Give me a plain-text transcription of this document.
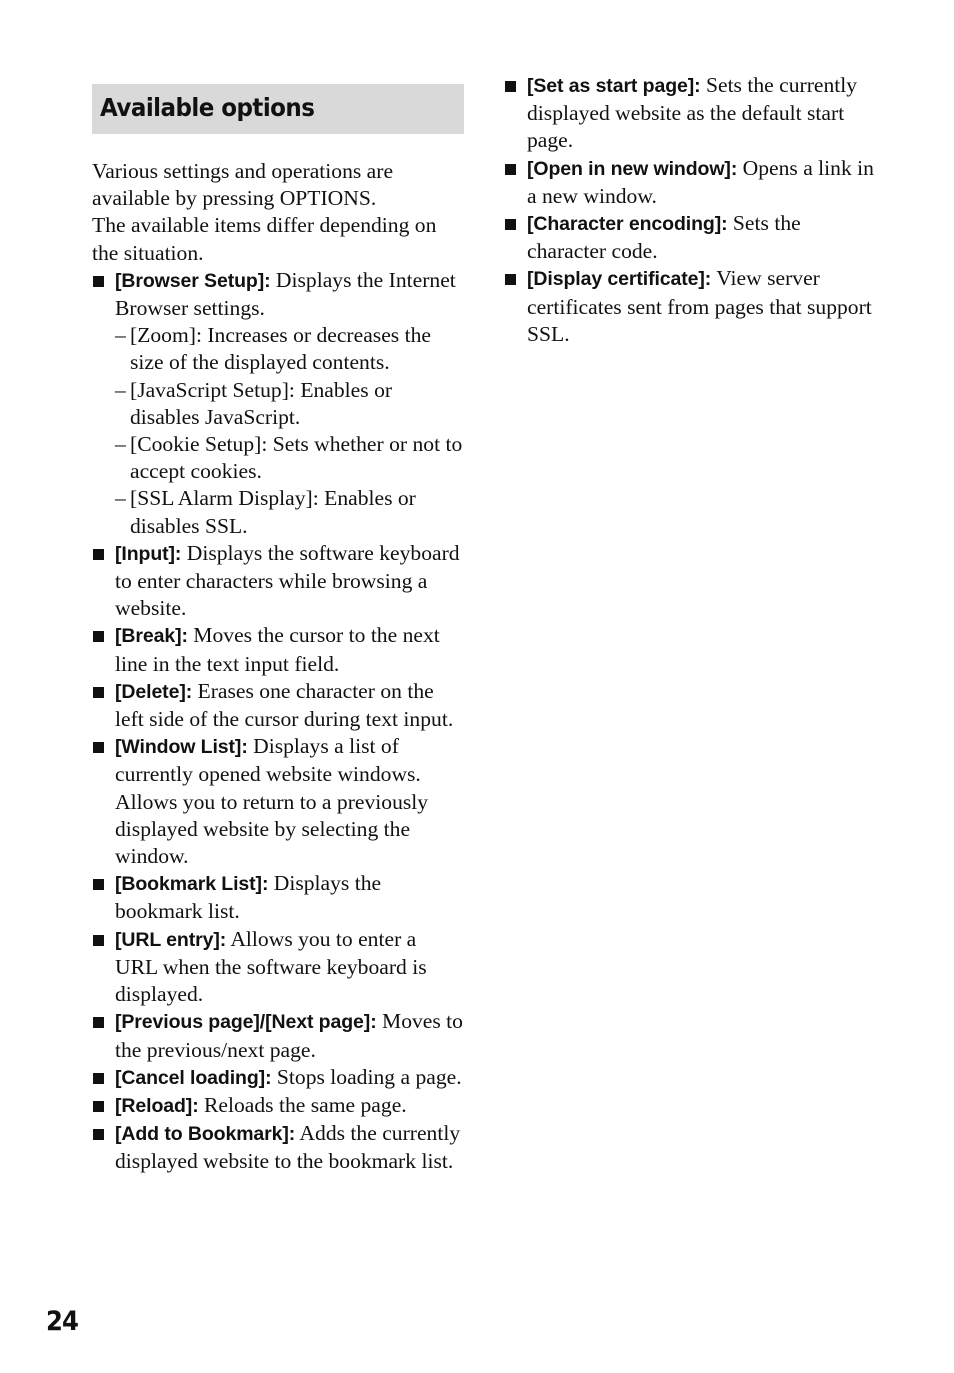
Available options

Various settings and operations are available by pressing OPTIONS.

The available items differ depending on the situation.

[Browser Setup]: Displays the Internet Browser settings.
– [Zoom]: Increases or decreases the size of the displayed contents.
– [JavaScript Setup]: Enables or disables JavaScript.
– [Cookie Setup]: Sets whether or not to accept cookies.
– [SSL Alarm Display]: Enables or disables SSL.
[Input]: Displays the software keyboard to enter characters while browsing a website.
[Break]: Moves the cursor to the next line in the text input field.
[Delete]: Erases one character on the left side of the cursor during text input.
[Window List]: Displays a list of currently opened website windows. Allows you to return to a previously displayed website by selecting the window.
[Bookmark List]: Displays the bookmark list.
[URL entry]: Allows you to enter a URL when the software keyboard is displayed.
[Previous page]/[Next page]: Moves to the previous/next page.
[Cancel loading]: Stops loading a page.
[Reload]: Reloads the same page.
[Add to Bookmark]: Adds the currently displayed website to the bookmark list.
[Set as start page]: Sets the currently displayed website as the default start page.
[Open in new window]: Opens a link in a new window.
[Character encoding]: Sets the character code.
[Display certificate]: View server certificates sent from pages that support SSL.
24
